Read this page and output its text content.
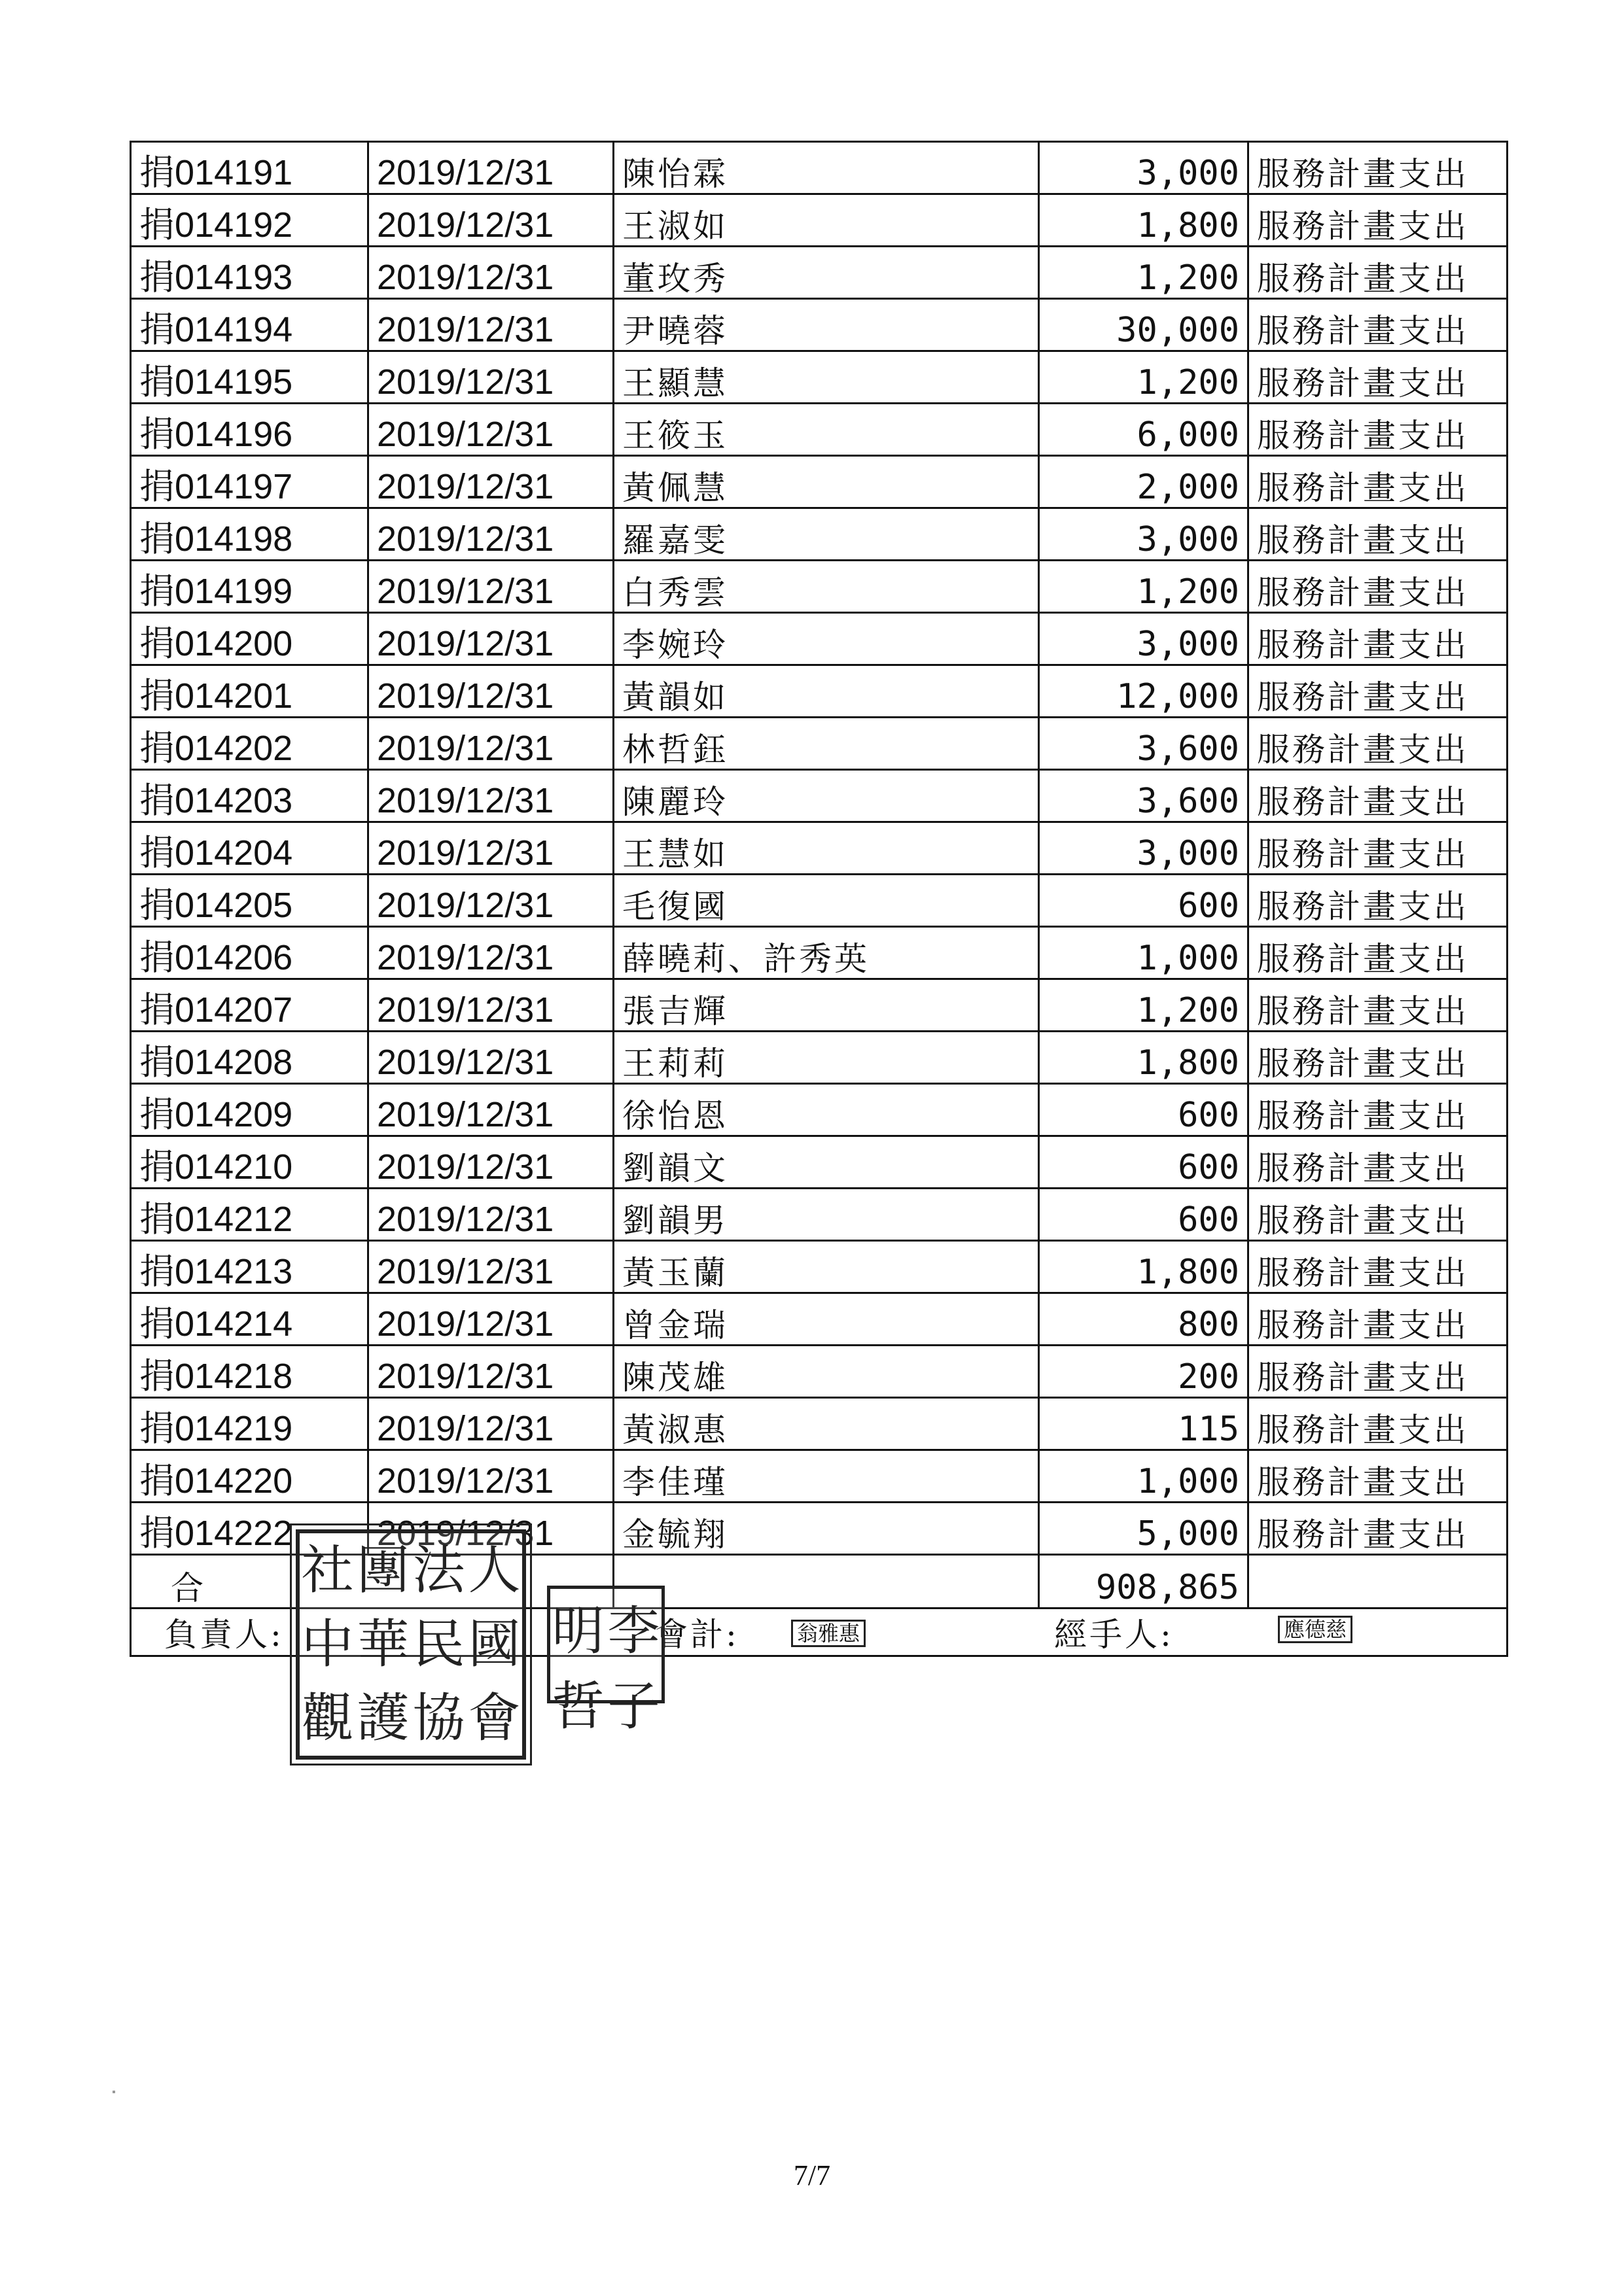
捐014191	2019/12/31	陳怡霖	3,000	服務計畫支出
捐014192	2019/12/31	王淑如	1,800	服務計畫支出
捐014193	2019/12/31	董玫秀	1,200	服務計畫支出
捐014194	2019/12/31	尹曉蓉	30,000	服務計畫支出
捐014195	2019/12/31	王顯慧	1,200	服務計畫支出
捐014196	2019/12/31	王筱玉	6,000	服務計畫支出
捐014197	2019/12/31	黃佩慧	2,000	服務計畫支出
捐014198	2019/12/31	羅嘉雯	3,000	服務計畫支出
捐014199	2019/12/31	白秀雲	1,200	服務計畫支出
捐014200	2019/12/31	李婉玲	3,000	服務計畫支出
捐014201	2019/12/31	黃韻如	12,000	服務計畫支出
捐014202	2019/12/31	林哲鈺	3,600	服務計畫支出
捐014203	2019/12/31	陳麗玲	3,600	服務計畫支出
捐014204	2019/12/31	王慧如	3,000	服務計畫支出
捐014205	2019/12/31	毛復國	600	服務計畫支出
捐014206	2019/12/31	薛曉莉、許秀英	1,000	服務計畫支出
捐014207	2019/12/31	張吉輝	1,200	服務計畫支出
捐014208	2019/12/31	王莉莉	1,800	服務計畫支出
捐014209	2019/12/31	徐怡恩	600	服務計畫支出
捐014210	2019/12/31	劉韻文	600	服務計畫支出
捐014212	2019/12/31	劉韻男	600	服務計畫支出
捐014213	2019/12/31	黃玉蘭	1,800	服務計畫支出
捐014214	2019/12/31	曾金瑞	800	服務計畫支出
捐014218	2019/12/31	陳茂雄	200	服務計畫支出
捐014219	2019/12/31	黃淑惠	115	服務計畫支出
捐014220	2019/12/31	李佳瑾	1,000	服務計畫支出
捐014222	2019/12/31	金毓翔	5,000	服務計畫支出
合			908,865	

負責人: 會計: 翁雅惠 經手人: 應德慈				
社 團 法 人
中 華 民 國
觀 護 協 會
明 李
哲 子
7/7
